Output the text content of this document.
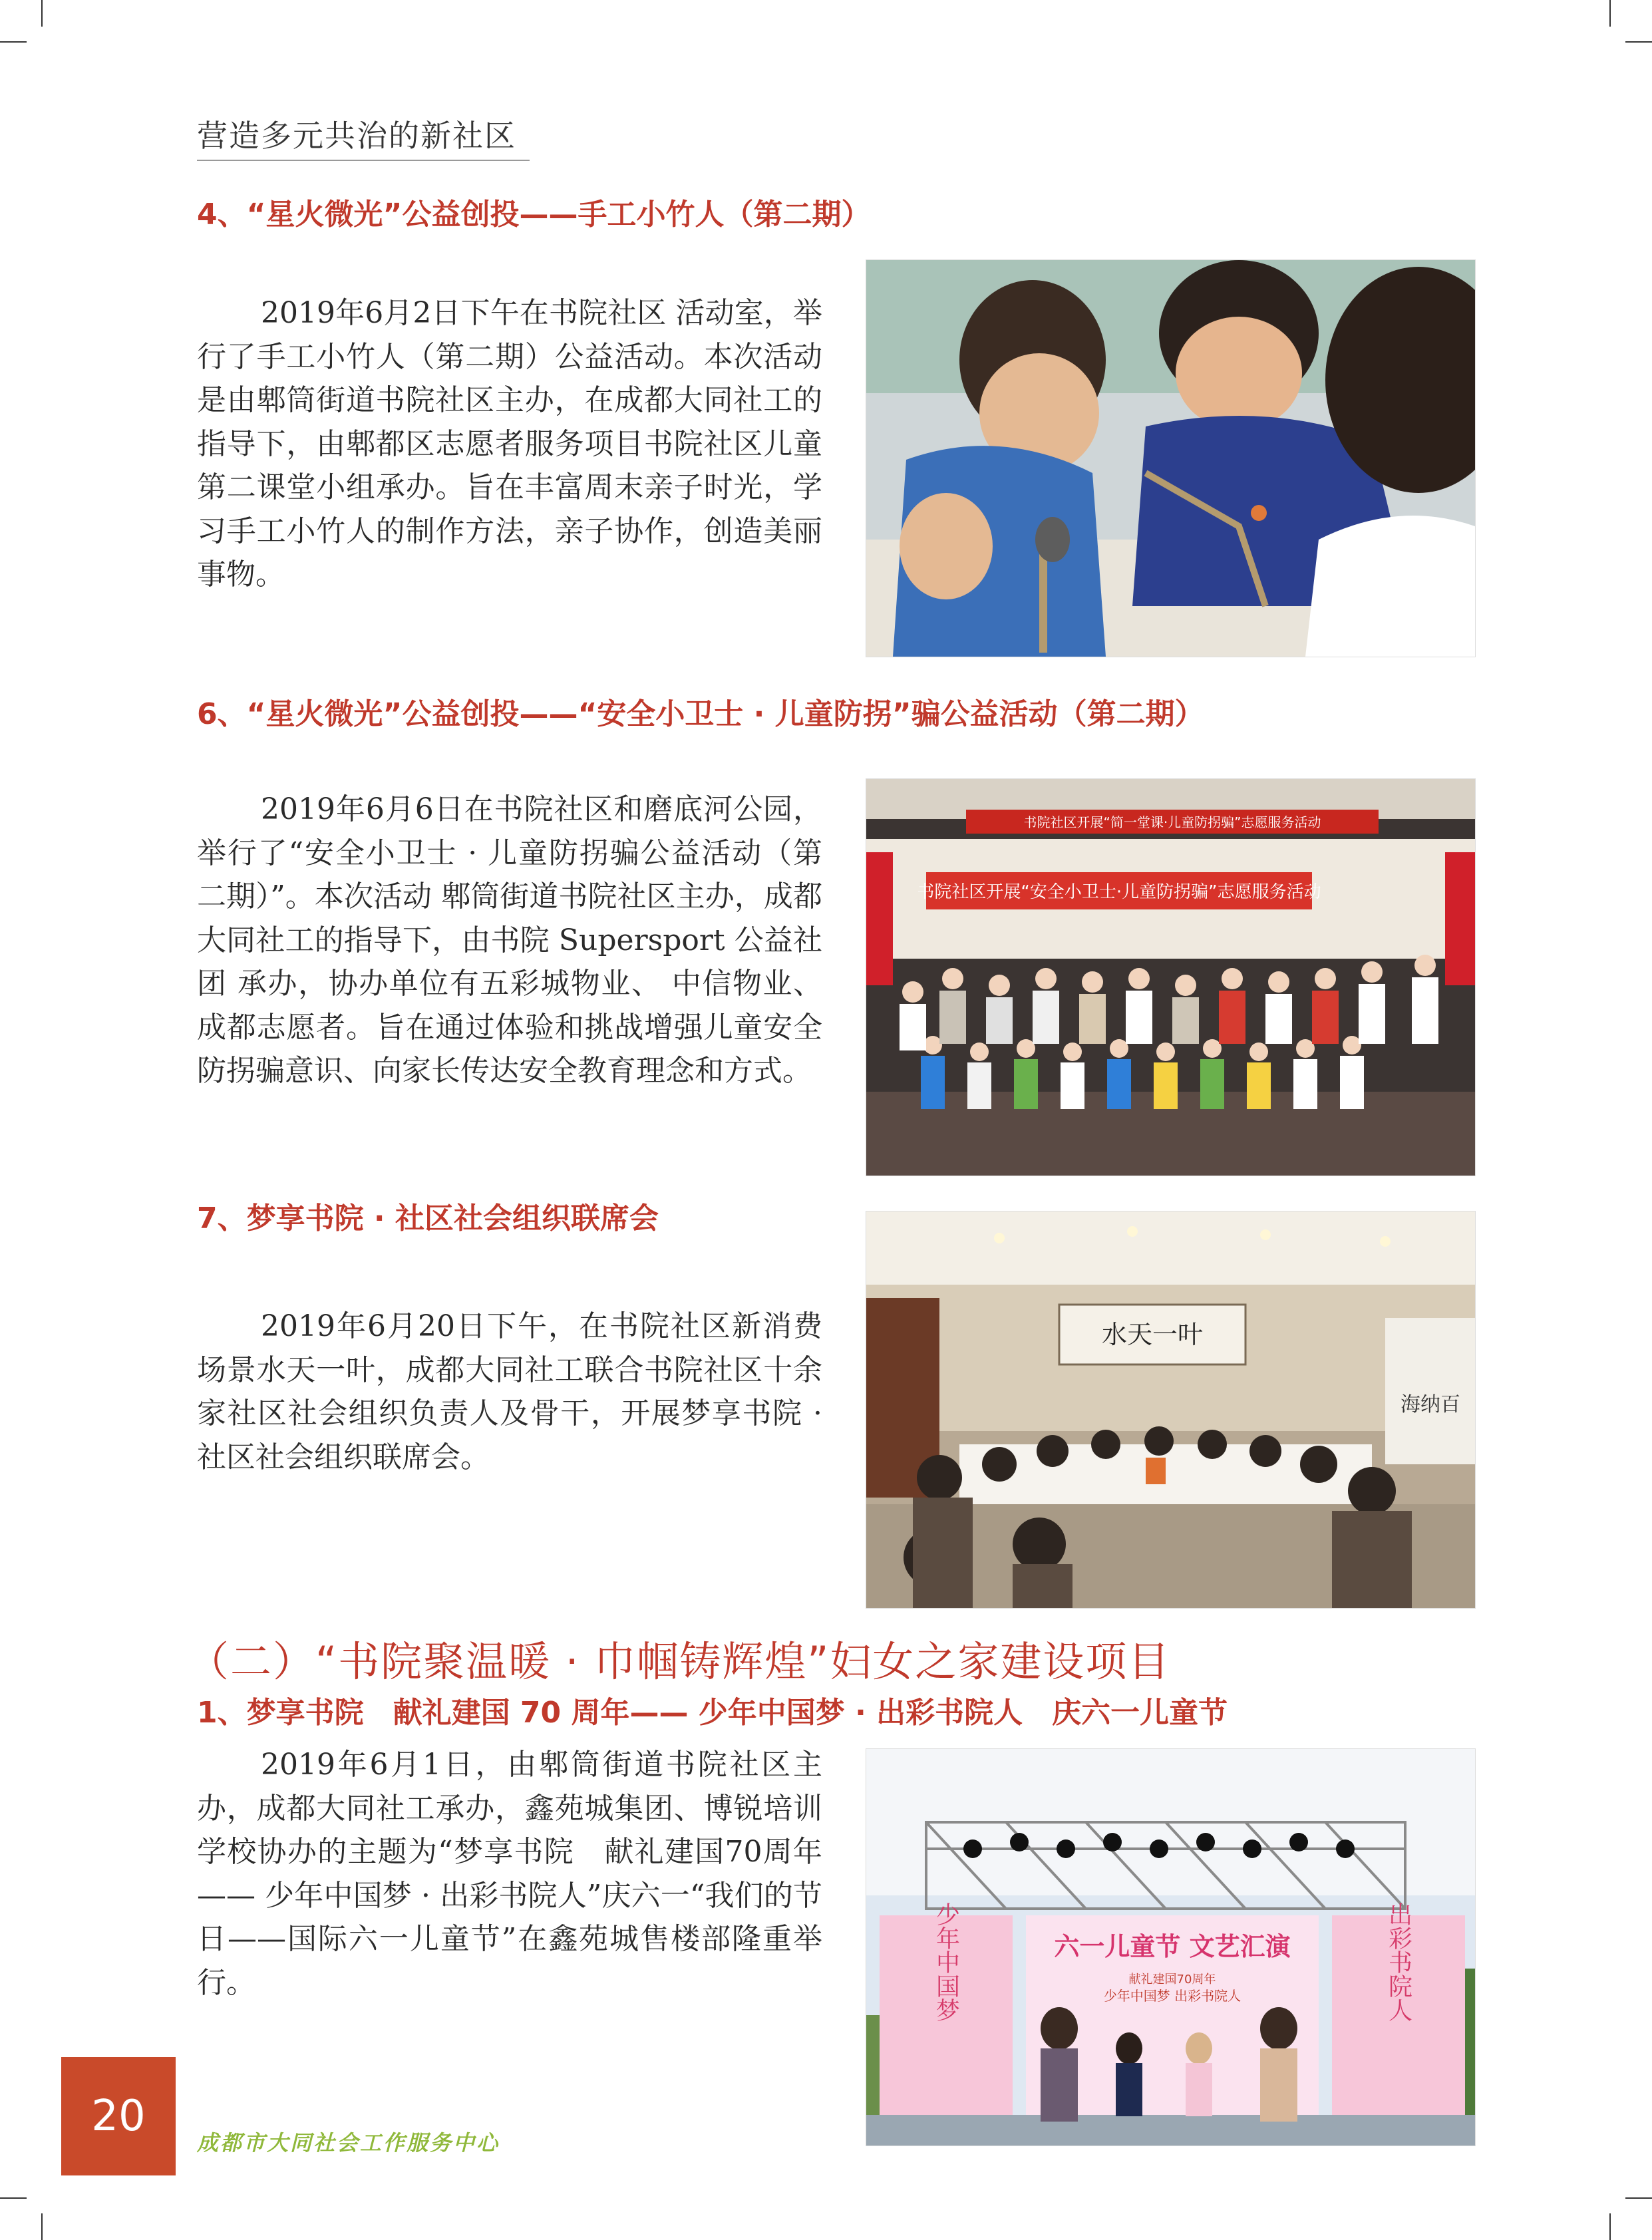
营造多元共治的新社区
4、“星火微光”公益创投——手工小竹人（第二期）
2019年6月2日下午在书院社区 活动室，举行了手工小竹人（第二期）公益活动。本次活动是由郫筒街道书院社区主办，在成都大同社工的指导下，由郫都区志愿者服务项目书院社区儿童第二课堂小组承办。旨在丰富周末亲子时光，学习手工小竹人的制作方法，亲子协作，创造美丽事物。
6、“星火微光”公益创投——“安全小卫士 · 儿童防拐”骗公益活动（第二期）
2019年6月6日在书院社区和磨底河公园，举行了“安全小卫士 · 儿童防拐骗公益活动（第二期）”。本次活动 郫筒街道书院社区主办，成都大同社工的指导下，由书院 Supersport 公益社团 承办，协办单位有五彩城物业、 中信物业、成都志愿者。旨在通过体验和挑战增强儿童安全防拐骗意识、向家长传达安全教育理念和方式。
书院社区开展“简一堂课·儿童防拐骗”志愿服务活动
书院社区开展“安全小卫士·儿童防拐骗”志愿服务活动
7、梦享书院 · 社区社会组织联席会
2019年6月20日下午，在书院社区新消费场景水天一叶，成都大同社工联合书院社区十余家社区社会组织负责人及骨干，开展梦享书院 · 社区社会组织联席会。
水天一叶
海纳百
（二）“书院聚温暖 · 巾帼铸辉煌”妇女之家建设项目
1、梦享书院　献礼建国 70 周年—— 少年中国梦 · 出彩书院人　庆六一儿童节
2019年6月1日，由郫筒街道书院社区主办，成都大同社工承办，鑫苑城集团、博锐培训学校协办的主题为“梦享书院　献礼建国70周年—— 少年中国梦 · 出彩书院人”庆六一“我们的节日——国际六一儿童节”在鑫苑城售楼部隆重举行。	少年中国梦	出彩书院人
六一儿童节 文艺汇演
献礼建国70周年
少年中国梦 出彩书院人
20
成都市大同社会工作服务中心
